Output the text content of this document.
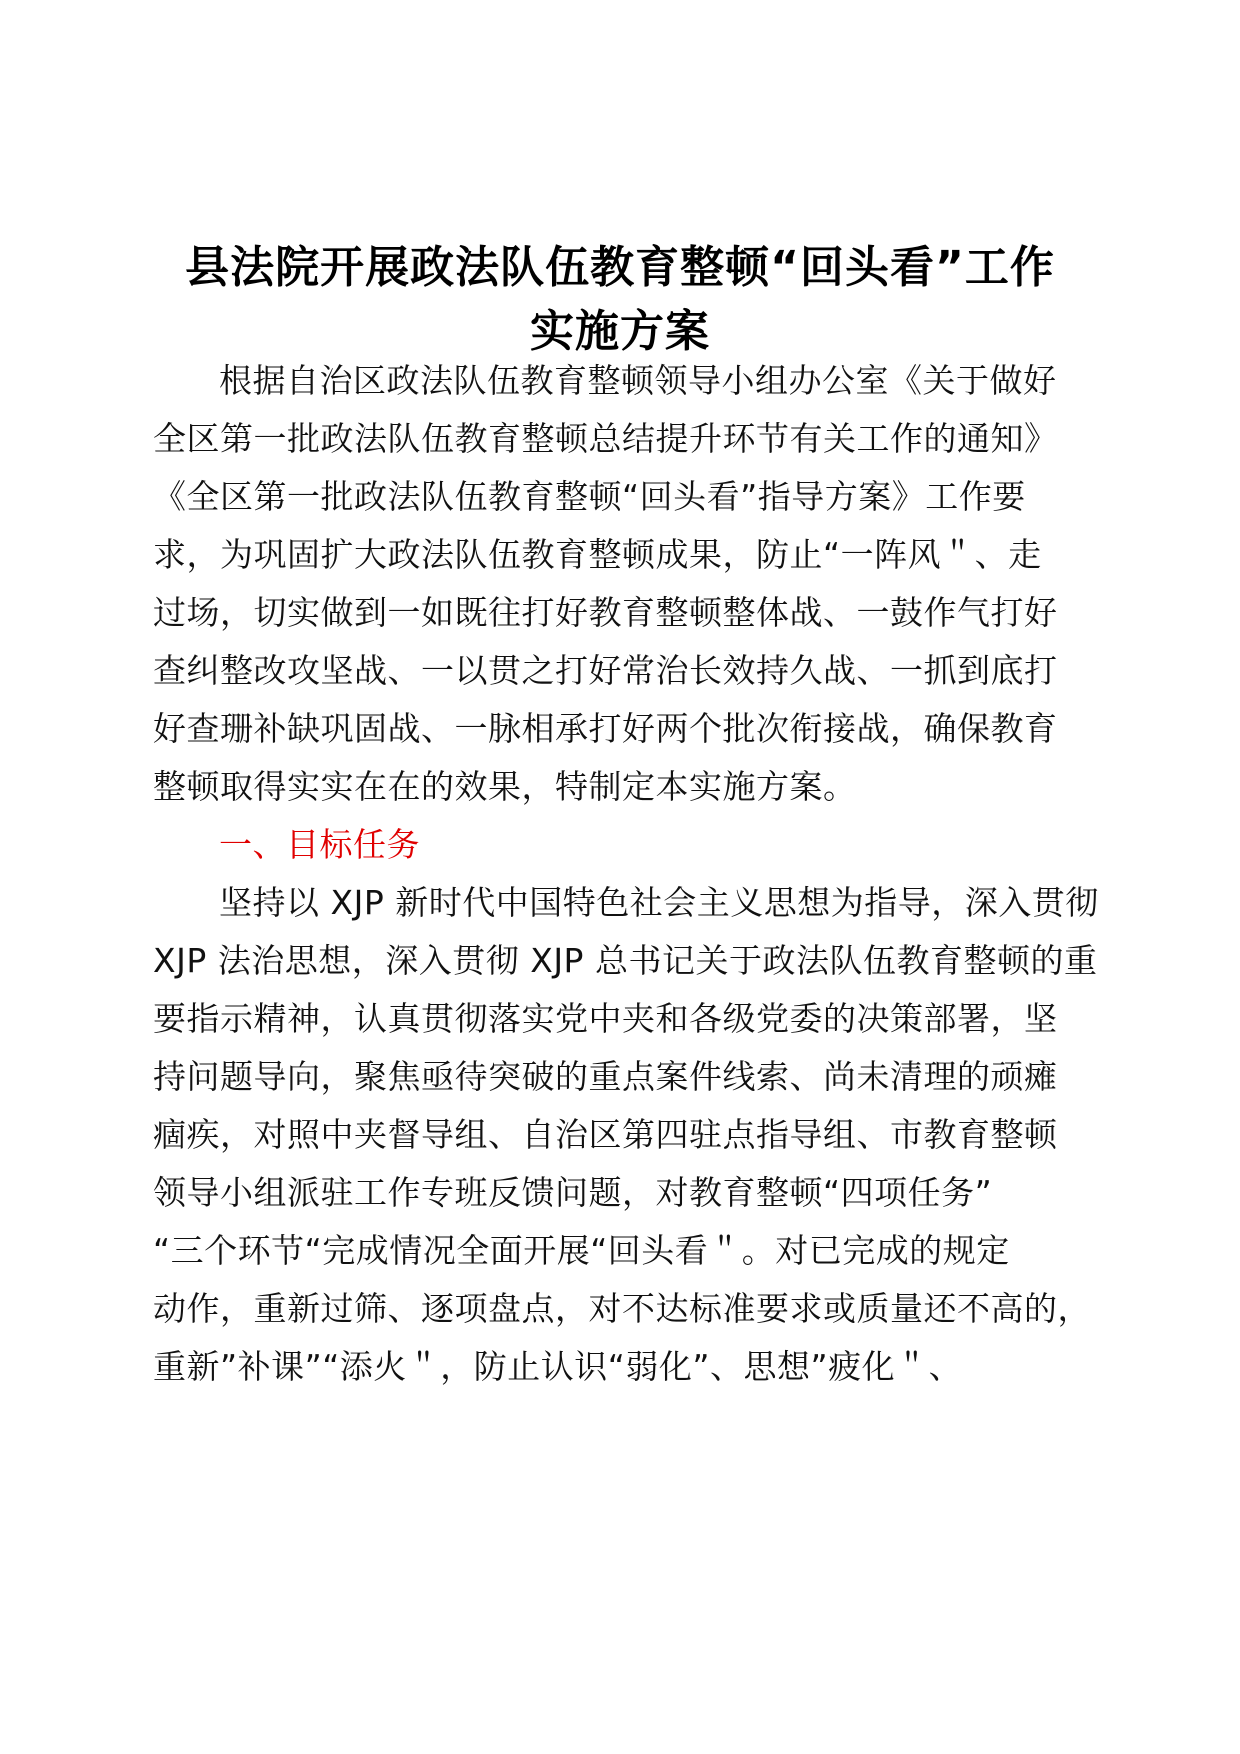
县法院开展政法队伍教育整顿“回头看”工作
实施方案
根据自治区政法队伍教育整顿领导小组办公室《关于做好
全区第一批政法队伍教育整顿总结提升环节有关工作的通知》
《全区第一批政法队伍教育整顿“回头看”指导方案》工作要
求，为巩固扩大政法队伍教育整顿成果，防止“一阵风＂、走
过场，切实做到一如既往打好教育整顿整体战、一鼓作气打好
查纠整改攻坚战、一以贯之打好常治长效持久战、一抓到底打
好查珊补缺巩固战、一脉相承打好两个批次衔接战，确保教育
整顿取得实实在在的效果，特制定本实施方案。
一、目标任务
坚持以 XJP 新时代中国特色社会主义思想为指导，深入贯彻
XJP 法治思想，深入贯彻 XJP 总书记关于政法队伍教育整顿的重
要指示精神，认真贯彻落实党中夹和各级党委的决策部署，坚
持问题导向，聚焦亟待突破的重点案件线索、尚未清理的顽瘫
痼疾，对照中夹督导组、自治区第四驻点指导组、市教育整顿
领导小组派驻工作专班反馈问题，对教育整顿“四项任务”
“三个环节“完成情况全面开展“回头看＂。对已完成的规定
动作，重新过筛、逐项盘点，对不达标准要求或质量还不高的，
重新”补课”“添火＂，防止认识“弱化”、思想”疲化＂、
